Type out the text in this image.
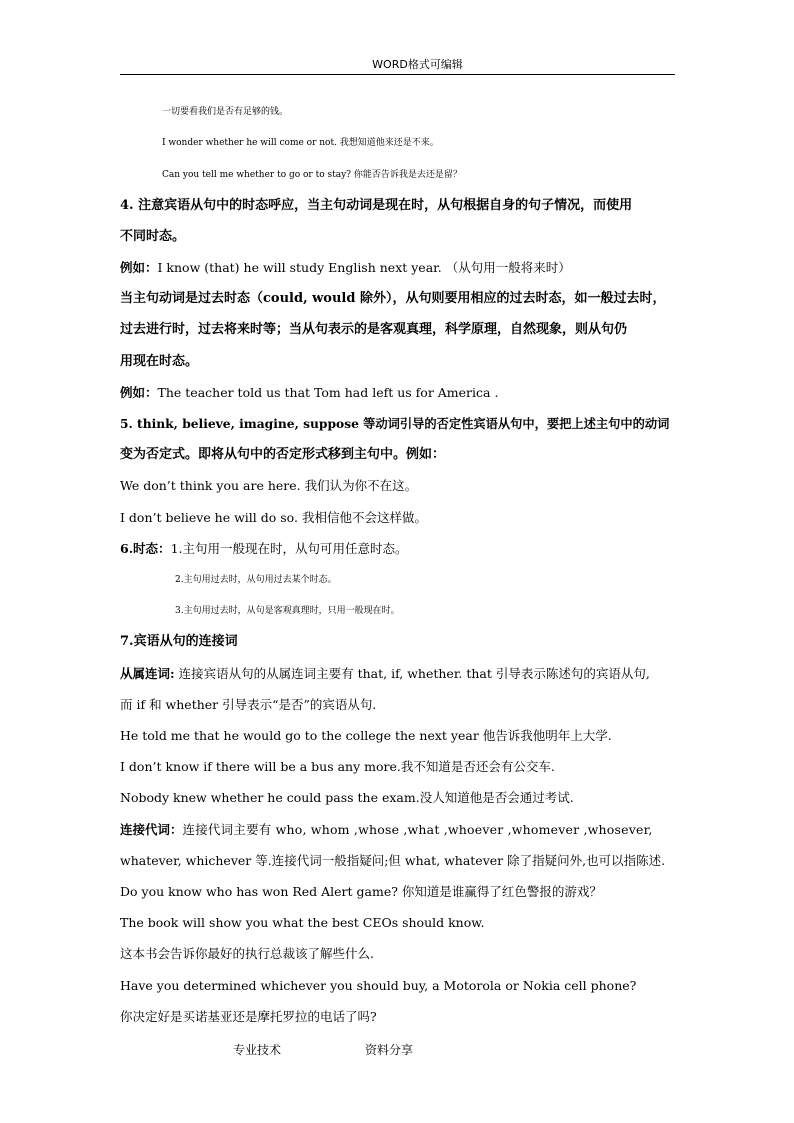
WORD格式可编辑
一切要看我们是否有足够的钱。
I wonder whether he will come or not. 我想知道他来还是不来。
Can you tell me whether to go or to stay? 你能否告诉我是去还是留？
4. 注意宾语从句中的时态呼应，当主句动词是现在时，从句根据自身的句子情况，而使用
不同时态。
例如：I know (that) he will study English next year. （从句用一般将来时）
当主句动词是过去时态（could, would 除外），从句则要用相应的过去时态，如一般过去时，
过去进行时，过去将来时等；当从句表示的是客观真理，科学原理，自然现象，则从句仍
用现在时态。
例如：The teacher told us that Tom had left us for America .
5. think, believe, imagine, suppose 等动词引导的否定性宾语从句中，要把上述主句中的动词
变为否定式。即将从句中的否定形式移到主句中。例如：
We don’t think you are here. 我们认为你不在这。
I don’t believe he will do so. 我相信他不会这样做。
6.时态：1.主句用一般现在时，从句可用任意时态。
2.主句用过去时，从句用过去某个时态。
3.主句用过去时，从句是客观真理时，只用一般现在时。
7.宾语从句的连接词
从属连词: 连接宾语从句的从属连词主要有 that, if, whether. that 引导表示陈述句的宾语从句,
而 if 和 whether 引导表示“是否”的宾语从句.
He told me that he would go to the college the next year 他告诉我他明年上大学.
I don’t know if there will be a bus any more.我不知道是否还会有公交车.
Nobody knew whether he could pass the exam.没人知道他是否会通过考试.
连接代词：连接代词主要有 who, whom ,whose ,what ,whoever ,whomever ,whosever,
whatever, whichever 等.连接代词一般指疑问;但 what, whatever 除了指疑问外,也可以指陈述.
Do you know who has won Red Alert game? 你知道是谁赢得了红色警报的游戏？
The book will show you what the best CEOs should know.
这本书会告诉你最好的执行总裁该了解些什么.
Have you determined whichever you should buy, a Motorola or Nokia cell phone?
你决定好是买诺基亚还是摩托罗拉的电话了吗?
专业技术	资料分享
